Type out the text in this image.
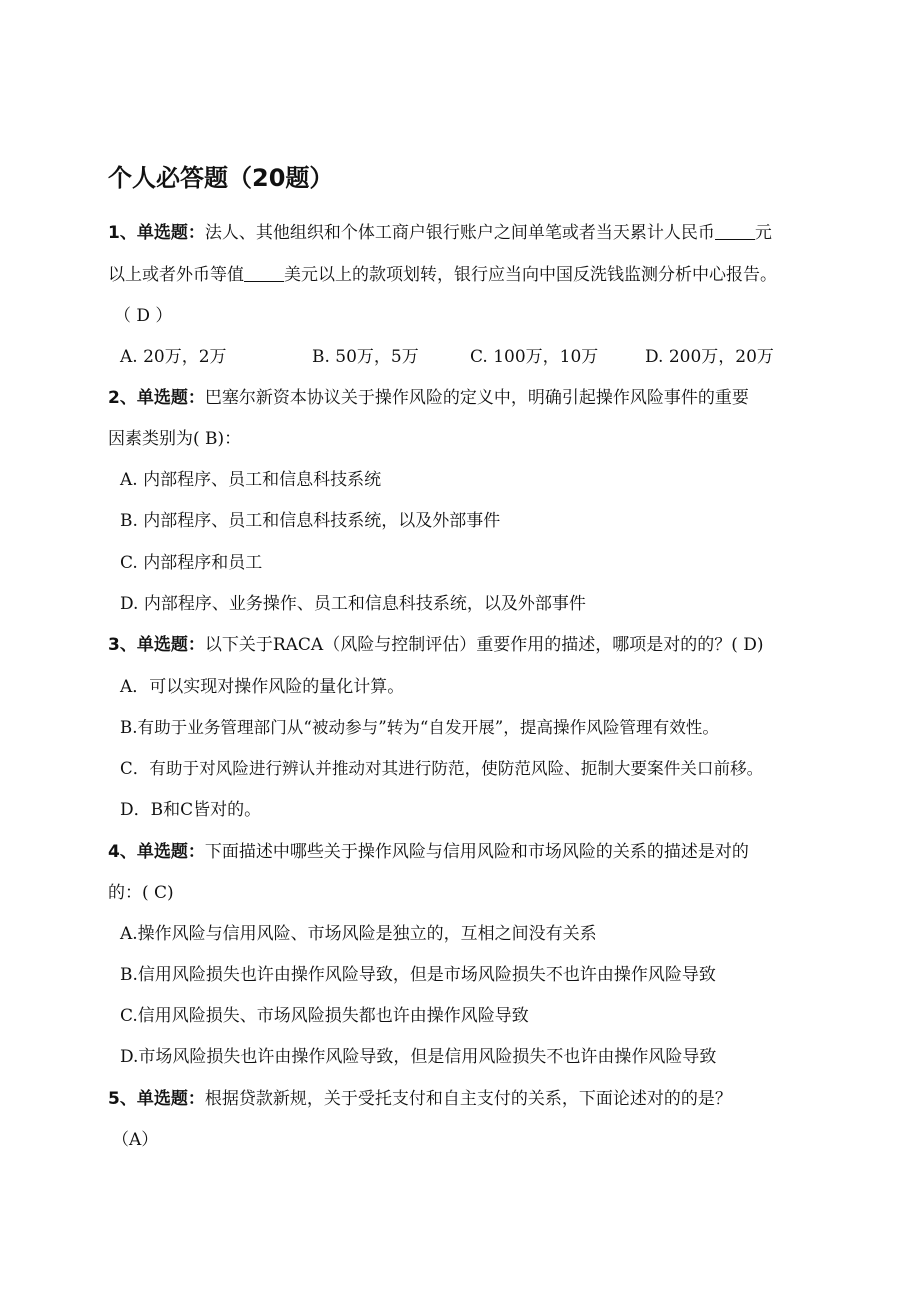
个人必答题（20题）

1、单选题：法人、其他组织和个体工商户银行账户之间单笔或者当天累计人民币 元

以上或者外币等值 美元以上的款项划转，银行应当向中国反洗钱监测分析中心报告。

（ D ）

A. 20万，2万	B. 50万，5万	C. 100万，10万	D. 200万，20万

2、单选题：巴塞尔新资本协议关于操作风险的定义中，明确引起操作风险事件的重要

因素类别为( B)：

A. 内部程序、员工和信息科技系统

B. 内部程序、员工和信息科技系统，以及外部事件

C. 内部程序和员工

D. 内部程序、业务操作、员工和信息科技系统，以及外部事件

3、单选题：以下关于RACA（风险与控制评估）重要作用的描述，哪项是对的的？( D)

A．可以实现对操作风险的量化计算。

B.有助于业务管理部门从“被动参与”转为“自发开展”，提高操作风险管理有效性。

C．有助于对风险进行辨认并推动对其进行防范，使防范风险、扼制大要案件关口前移。

D．B和C皆对的。

4、单选题：下面描述中哪些关于操作风险与信用风险和市场风险的关系的描述是对的

的：( C)

A.操作风险与信用风险、市场风险是独立的，互相之间没有关系

B.信用风险损失也许由操作风险导致，但是市场风险损失不也许由操作风险导致

C.信用风险损失、市场风险损失都也许由操作风险导致

D.市场风险损失也许由操作风险导致，但是信用风险损失不也许由操作风险导致

5、单选题：根据贷款新规，关于受托支付和自主支付的关系，下面论述对的的是？

（A）
